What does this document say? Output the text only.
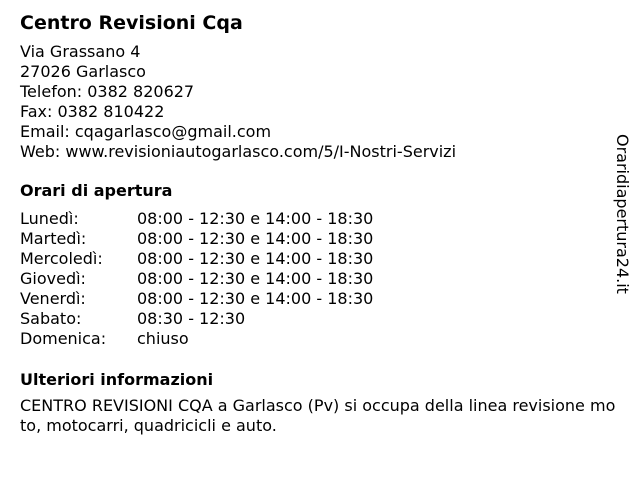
Centro Revisioni Cqa
Via Grassano 4
27026 Garlasco
Telefon: 0382 820627
Fax: 0382 810422
Email: cqagarlasco@gmail.com
Web: www.revisioniautogarlasco.com/5/I-Nostri-Servizi
Orari di apertura
Lunedì:	08:00 - 12:30 e 14:00 - 18:30
Martedì:	08:00 - 12:30 e 14:00 - 18:30
Mercoledì: 08:00 - 12:30 e 14:00 - 18:30
Giovedì:	08:00 - 12:30 e 14:00 - 18:30
Venerdì:	08:00 - 12:30 e 14:00 - 18:30
Sabato:	08:30 - 12:30
Domenica: chiuso
Ulteriori informazioni
CENTRO REVISIONI CQA a Garlasco (Pv) si occupa della linea revisione moto, motocarri, quadricicli e auto.
Oraridiapertura24.it
